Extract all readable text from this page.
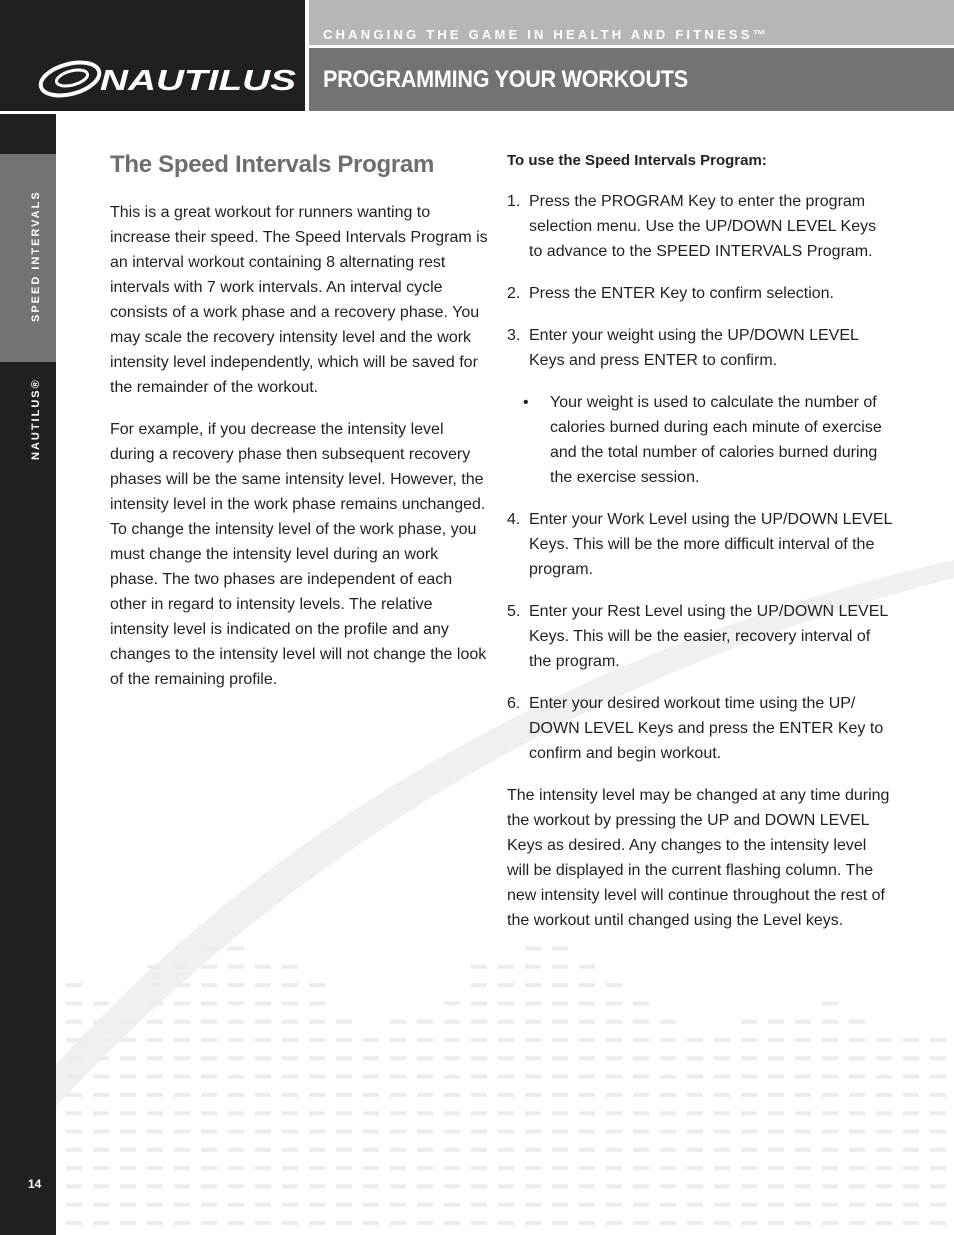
NAUTILUS
CHANGING THE GAME IN HEALTH AND FITNESS™
PROGRAMMING YOUR WORKOUTS
SPEED INTERVALS
NAUTILUS®
14
The Speed Intervals Program

This is a great workout for runners wanting to increase their speed. The Speed Intervals Program is an interval workout containing 8 alternating rest intervals with 7 work intervals. An interval cycle consists of a work phase and a recovery phase. You may scale the recovery intensity level and the work intensity level independently, which will be saved for the remainder of the workout.

For example, if you decrease the intensity level during a recovery phase then subsequent recovery phases will be the same intensity level. However, the intensity level in the work phase remains unchanged. To change the intensity level of the work phase, you must change the intensity level during an work phase. The two phases are independent of each other in regard to intensity levels. The relative intensity level is indicated on the profile and any changes to the intensity level will not change the look of the remaining profile.

To use the Speed Intervals Program:
1. Press the PROGRAM Key to enter the program selection menu. Use the UP/DOWN LEVEL Keys to advance to the SPEED INTERVALS Program.
2. Press the ENTER Key to confirm selection.
3. Enter your weight using the UP/DOWN LEVEL Keys and press ENTER to confirm.
• Your weight is used to calculate the number of calories burned during each minute of exercise and the total number of calories burned during the exercise session.
4. Enter your Work Level using the UP/DOWN LEVEL Keys. This will be the more difficult interval of the program.
5. Enter your Rest Level using the UP/DOWN LEVEL Keys. This will be the easier, recovery interval of the program.
6. Enter your desired workout time using the UP/ DOWN LEVEL Keys and press the ENTER Key to confirm and begin workout.

The intensity level may be changed at any time during the workout by pressing the UP and DOWN LEVEL Keys as desired. Any changes to the intensity level will be displayed in the current flashing column. The new intensity level will continue throughout the rest of the workout until changed using the Level keys.
